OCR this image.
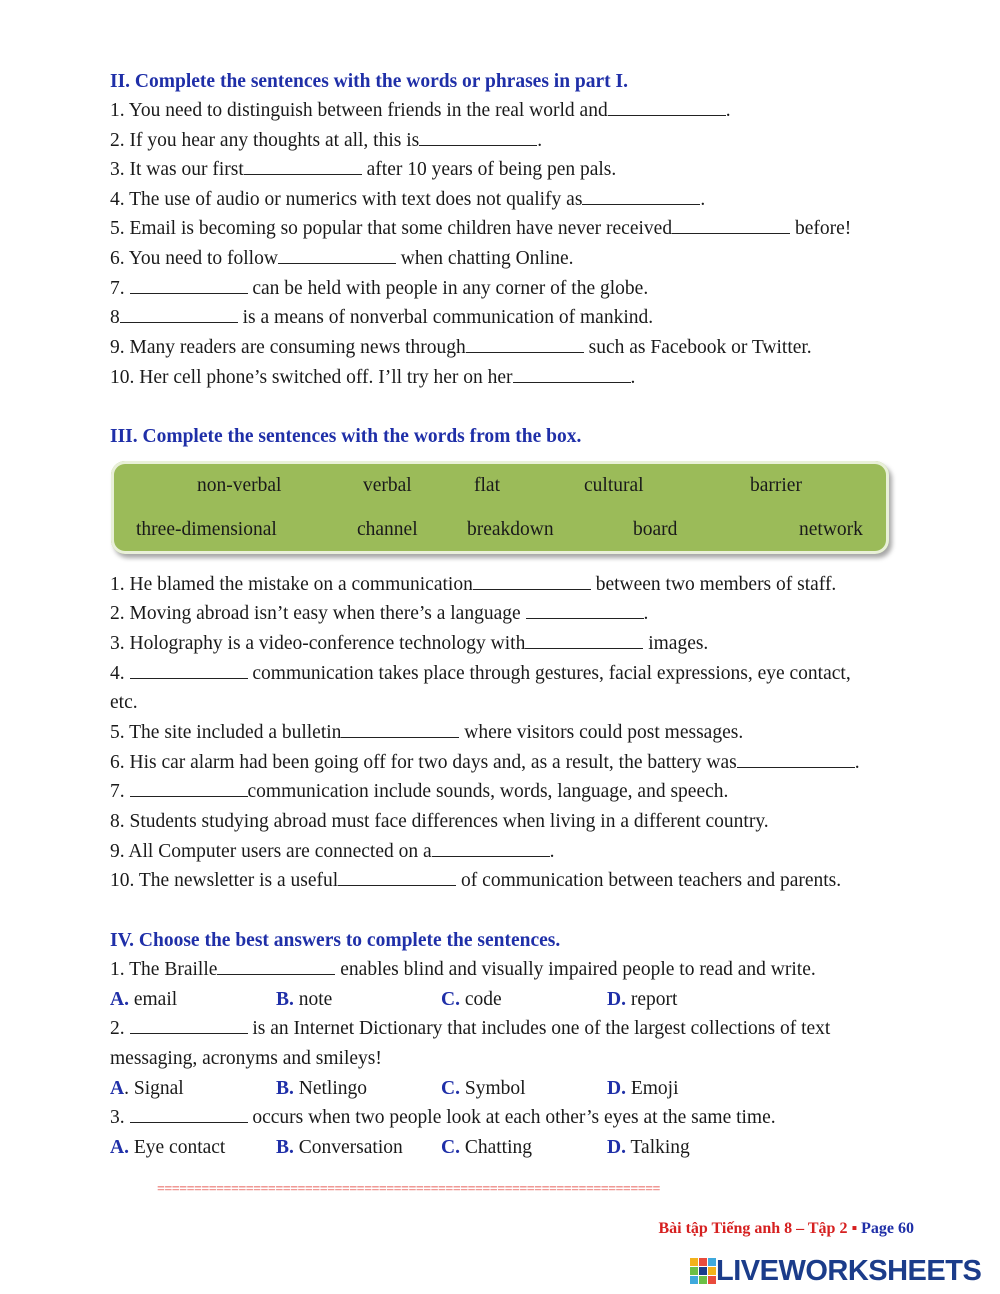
II. Complete the sentences with the words or phrases in part I.
1. You need to distinguish between friends in the real world and	.
2. If you hear any thoughts at all, this is	.
3. It was our first	after 10 years of being pen pals.
4. The use of audio or numerics with text does not qualify as	.
5. Email is becoming so popular that some children have never received	before!
6. You need to follow	when chatting Online.
7.	can be held with people in any corner of the globe.
8	is a means of nonverbal communication of mankind.
9. Many readers are consuming news through	such as Facebook or Twitter.
10. Her cell phone’s switched off. I’ll try her on her	.
III. Complete the sentences with the words from the box.
non-verbal	verbal	flat	cultural	barrier
three-dimensional	channel	breakdown	board	network
1. He blamed the mistake on a communication	between two members of staff.
2. Moving abroad isn’t easy when there’s a language	.
3. Holography is a video-conference technology with	images.
4.	communication takes place through gestures, facial expressions, eye contact,
etc.
5. The site included a bulletin	where visitors could post messages.
6. His car alarm had been going off for two days and, as a result, the battery was	.
7.	communication include sounds, words, language, and speech.
8. Students studying abroad must face differences when living in a different country.
9. All Computer users are connected on a	.
10. The newsletter is a useful	of communication between teachers and parents.
IV. Choose the best answers to complete the sentences.
1. The Braille	enables blind and visually impaired people to read and write.
A. email	B. note	C. code	D. report
2.	is an Internet Dictionary that includes one of the largest collections of text
messaging, acronyms and smileys!
A. Signal	B. Netlingo	C. Symbol	D. Emoji
3.	occurs when two people look at each other’s eyes at the same time.
A. Eye contact	B. Conversation C. Chatting	D. Talking
====================================================================
Bài tập Tiếng anh 8 – Tập 2 ▪ Page 60
LIVEWORKSHEETS
